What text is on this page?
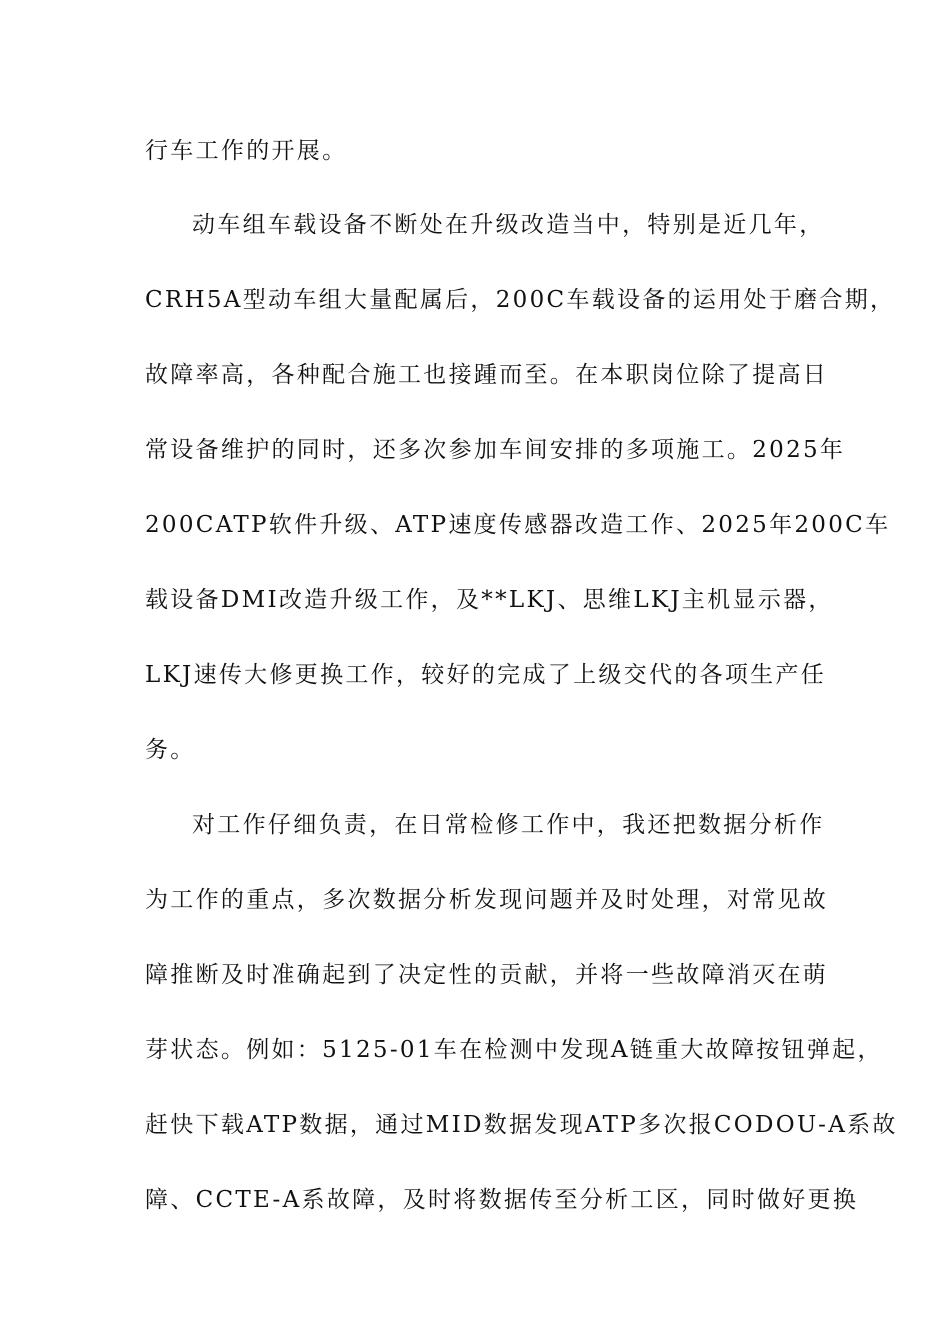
行车工作的开展。
动车组车载设备不断处在升级改造当中，特别是近几年，
CRH5A型动车组大量配属后，200C车载设备的运用处于磨合期，
故障率高，各种配合施工也接踵而至。在本职岗位除了提高日
常设备维护的同时，还多次参加车间安排的多项施工。2025年
200CATP软件升级、ATP速度传感器改造工作、2025年200C车
载设备DMI改造升级工作，及**LKJ、思维LKJ主机显示器，
LKJ速传大修更换工作，较好的完成了上级交代的各项生产任
务。
对工作仔细负责，在日常检修工作中，我还把数据分析作
为工作的重点，多次数据分析发现问题并及时处理，对常见故
障推断及时准确起到了决定性的贡献，并将一些故障消灭在萌
芽状态。例如：5125-01车在检测中发现A链重大故障按钮弹起，
赶快下载ATP数据，通过MID数据发现ATP多次报CODOU-A系故
障、CCTE-A系故障，及时将数据传至分析工区，同时做好更换
